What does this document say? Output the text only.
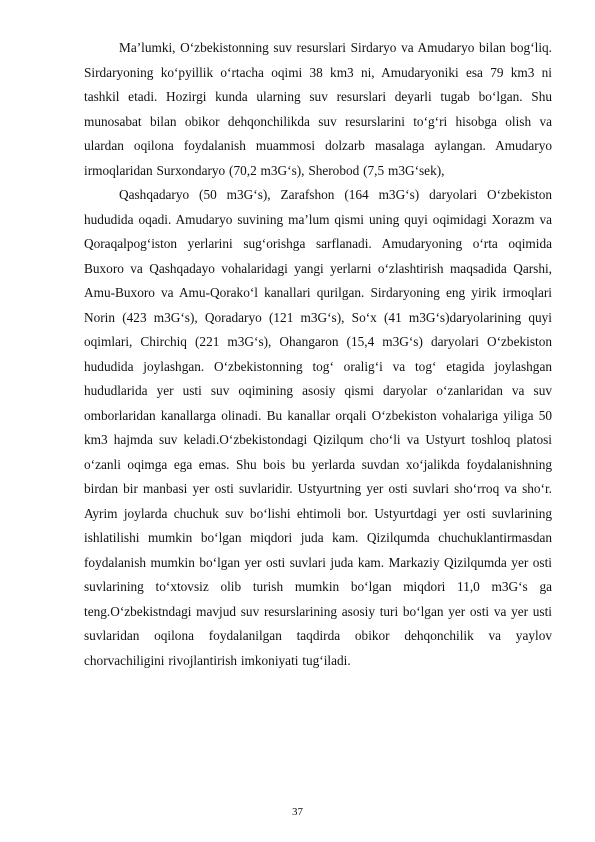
Ma’lumki, O‘zbekistonning suv resurslari Sirdaryo va Amudaryo bilan bog‘liq. Sirdaryoning ko‘pyillik o‘rtacha oqimi 38 km3 ni, Amudaryoniki esa 79 km3 ni tashkil etadi. Hozirgi kunda ularning suv resurslari deyarli tugab bo‘lgan. Shu munosabat bilan obikor dehqonchilikda suv resurslarini to‘g‘ri hisobga olish va ulardan oqilona foydalanish muammosi dolzarb masalaga aylangan. Amudaryo irmoqlaridan Surxondaryo (70,2 m3G‘s), Sherobod (7,5 m3G‘sek),

Qashqadaryo (50 m3G‘s), Zarafshon (164 m3G‘s) daryolari O‘zbekiston hududida oqadi. Amudaryo suvining ma’lum qismi uning quyi oqimidagi Xorazm va Qoraqalpog‘iston yerlarini sug‘orishga sarflanadi. Amudaryoning o‘rta oqimida Buxoro va Qashqadayo vohalaridagi yangi yerlarni o‘zlashtirish maqsadida Qarshi, Amu-Buxoro va Amu-Qorako‘l kanallari qurilgan. Sirdaryoning eng yirik irmoqlari Norin (423 m3G‘s), Qoradaryo (121 m3G‘s), So‘x (41 m3G‘s)daryolarining quyi oqimlari, Chirchiq (221 m3G‘s), Ohangaron (15,4 m3G‘s) daryolari O‘zbekiston hududida joylashgan. O‘zbekistonning tog‘ oralig‘i va tog‘ etagida joylashgan hududlarida yer usti suv oqimining asosiy qismi daryolar o‘zanlaridan va suv omborlaridan kanallarga olinadi. Bu kanallar orqali O‘zbekiston vohalariga yiliga 50 km3 hajmda suv keladi.O‘zbekistondagi Qizilqum cho‘li va Ustyurt toshloq platosi o‘zanli oqimga ega emas. Shu bois bu yerlarda suvdan xo‘jalikda foydalanishning birdan bir manbasi yer osti suvlaridir. Ustyurtning yer osti suvlari sho‘rroq va sho‘r. Ayrim joylarda chuchuk suv bo‘lishi ehtimoli bor. Ustyurtdagi yer osti suvlarining ishlatilishi mumkin bo‘lgan miqdori juda kam. Qizilqumda chuchuklantirmasdan foydalanish mumkin bo‘lgan yer osti suvlari juda kam. Markaziy Qizilqumda yer osti suvlarining to‘xtovsiz olib turish mumkin bo‘lgan miqdori 11,0 m3G‘s ga teng.O‘zbekistndagi mavjud suv resurslarining asosiy turi bo‘lgan yer osti va yer usti suvlaridan oqilona foydalanilgan taqdirda obikor dehqonchilik va yaylov chorvachiligini rivojlantirish imkoniyati tug‘iladi.

37
